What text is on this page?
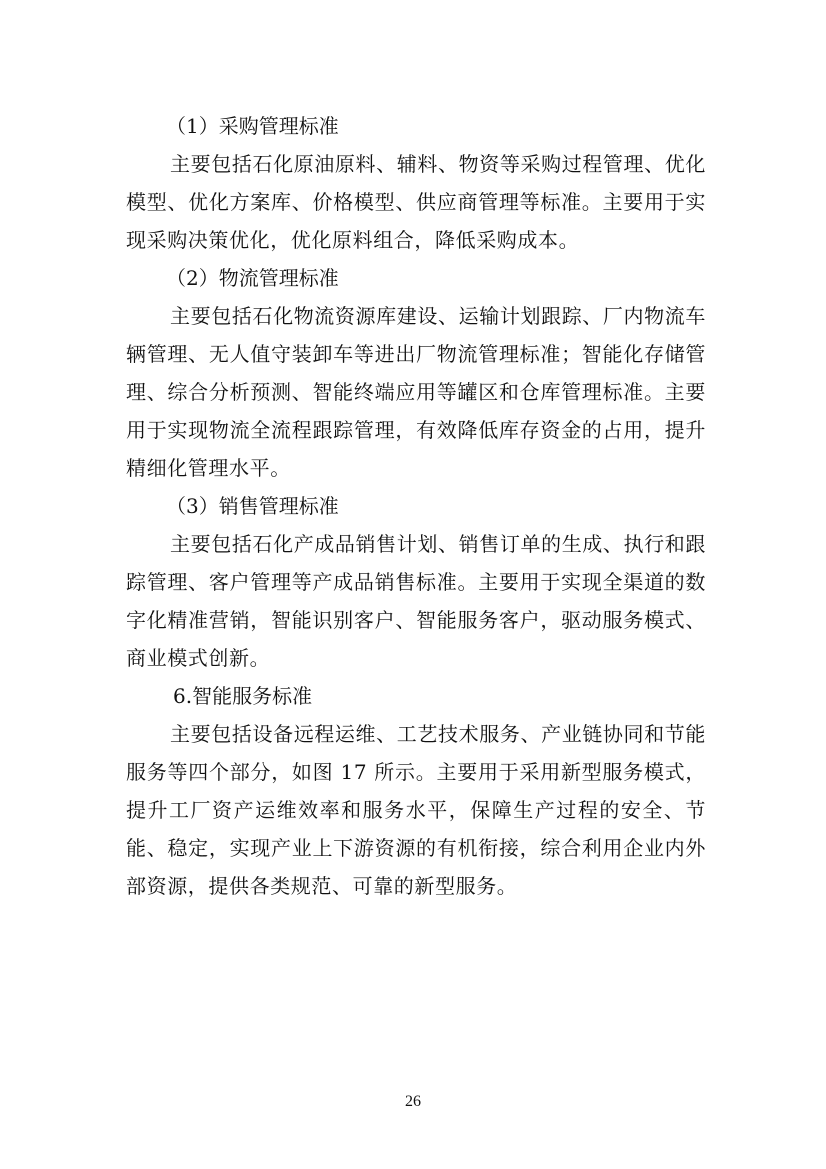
（1）采购管理标准

主要包括石化原油原料、辅料、物资等采购过程管理、优化模型、优化方案库、价格模型、供应商管理等标准。主要用于实现采购决策优化，优化原料组合，降低采购成本。

（2）物流管理标准

主要包括石化物流资源库建设、运输计划跟踪、厂内物流车辆管理、无人值守装卸车等进出厂物流管理标准；智能化存储管理、综合分析预测、智能终端应用等罐区和仓库管理标准。主要用于实现物流全流程跟踪管理，有效降低库存资金的占用，提升精细化管理水平。

（3）销售管理标准

主要包括石化产成品销售计划、销售订单的生成、执行和跟踪管理、客户管理等产成品销售标准。主要用于实现全渠道的数字化精准营销，智能识别客户、智能服务客户，驱动服务模式、商业模式创新。

6.智能服务标准

主要包括设备远程运维、工艺技术服务、产业链协同和节能服务等四个部分，如图 17 所示。主要用于采用新型服务模式，提升工厂资产运维效率和服务水平，保障生产过程的安全、节能、稳定，实现产业上下游资源的有机衔接，综合利用企业内外部资源，提供各类规范、可靠的新型服务。

26
